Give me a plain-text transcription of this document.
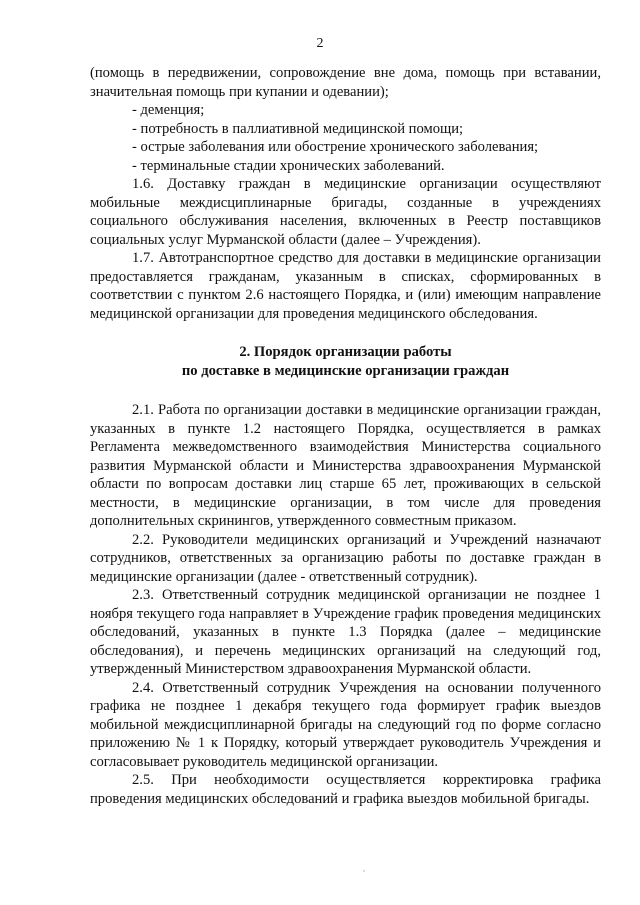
2

(помощь в передвижении, сопровождение вне дома, помощь при вставании, значительная помощь при купании и одевании);

- деменция;

- потребность в паллиативной медицинской помощи;

- острые заболевания или обострение хронического заболевания;

- терминальные стадии хронических заболеваний.

1.6. Доставку граждан в медицинские организации осуществляют мобильные междисциплинарные бригады, созданные в учреждениях социального обслуживания населения, включенных в Реестр поставщиков социальных услуг Мурманской области (далее – Учреждения).

1.7. Автотранспортное средство для доставки в медицинские организации предоставляется гражданам, указанным в списках, сформированных в соответствии с пунктом 2.6 настоящего Порядка, и (или) имеющим направление медицинской организации для проведения медицинского обследования.

2. Порядок организации работы

по доставке в медицинские организации граждан

2.1. Работа по организации доставки в медицинские организации граждан, указанных в пункте 1.2 настоящего Порядка, осуществляется в рамках Регламента межведомственного взаимодействия Министерства социального развития Мурманской области и Министерства здравоохранения Мурманской области по вопросам доставки лиц старше 65 лет, проживающих в сельской местности, в медицинские организации, в том числе для проведения дополнительных скринингов, утвержденного совместным приказом.

2.2. Руководители медицинских организаций и Учреждений назначают сотрудников, ответственных за организацию работы по доставке граждан в медицинские организации (далее - ответственный сотрудник).

2.3. Ответственный сотрудник медицинской организации не позднее 1 ноября текущего года направляет в Учреждение график проведения медицинских обследований, указанных в пункте 1.3 Порядка (далее – медицинские обследования), и перечень медицинских организаций на следующий год, утвержденный Министерством здравоохранения Мурманской области.

2.4. Ответственный сотрудник Учреждения на основании полученного графика не позднее 1 декабря текущего года формирует график выездов мобильной междисциплинарной бригады на следующий год по форме согласно приложению № 1 к Порядку, который утверждает руководитель Учреждения и согласовывает руководитель медицинской организации.

2.5. При необходимости осуществляется корректировка графика проведения медицинских обследований и графика выездов мобильной бригады.
